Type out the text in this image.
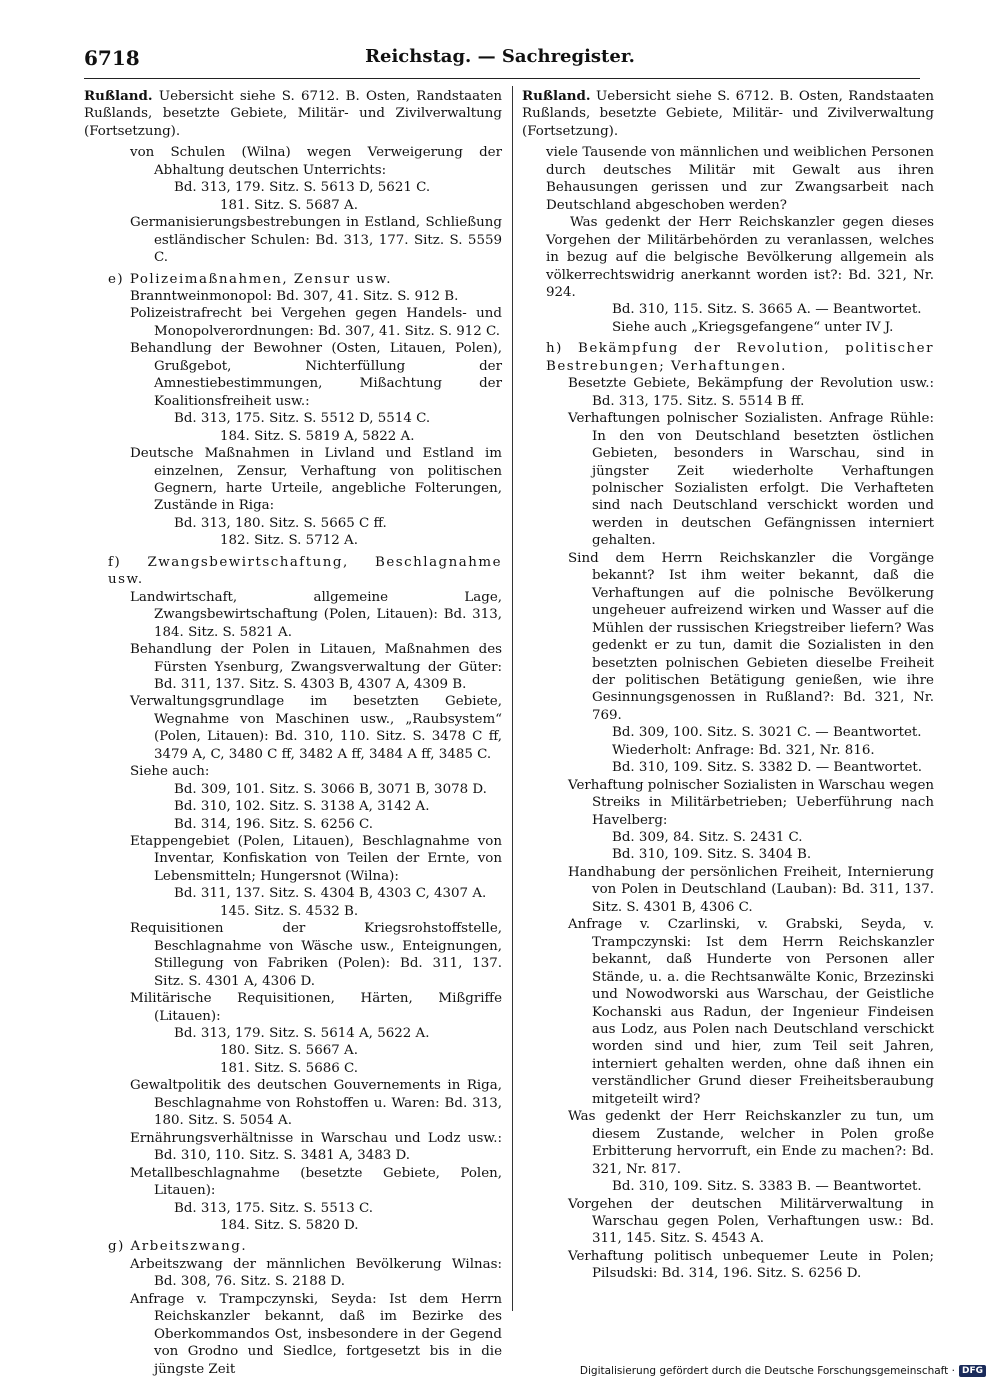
6718	Reichstag. — Sachregister.

Rußland. Uebersicht siehe S. 6712. B. Osten, Randstaaten Rußlands, besetzte Gebiete, Militär- und Zivilverwaltung (Fortsetzung).

von Schulen (Wilna) wegen Verweigerung der Abhaltung deutschen Unterrichts:

Bd. 313, 179. Sitz. S. 5613 D, 5621 C.

181. Sitz. S. 5687 A.

Germanisierungsbestrebungen in Estland, Schließung estländischer Schulen: Bd. 313, 177. Sitz. S. 5559 C.

e) Polizeimaßnahmen, Zensur usw.

Branntweinmonopol: Bd. 307, 41. Sitz. S. 912 B.

Polizeistrafrecht bei Vergehen gegen Handels- und Monopolverordnungen: Bd. 307, 41. Sitz. S. 912 C.

Behandlung der Bewohner (Osten, Litauen, Polen), Grußgebot, Nichterfüllung der Amnestiebestimmungen, Mißachtung der Koalitionsfreiheit usw.:

Bd. 313, 175. Sitz. S. 5512 D, 5514 C.

184. Sitz. S. 5819 A, 5822 A.

Deutsche Maßnahmen in Livland und Estland im einzelnen, Zensur, Verhaftung von politischen Gegnern, harte Urteile, angebliche Folterungen, Zustände in Riga:

Bd. 313, 180. Sitz. S. 5665 C ff.

182. Sitz. S. 5712 A.

f) Zwangsbewirtschaftung, Beschlagnahme usw.

Landwirtschaft, allgemeine Lage, Zwangsbewirtschaftung (Polen, Litauen): Bd. 313, 184. Sitz. S. 5821 A.

Behandlung der Polen in Litauen, Maßnahmen des Fürsten Ysenburg, Zwangsverwaltung der Güter: Bd. 311, 137. Sitz. S. 4303 B, 4307 A, 4309 B.

Verwaltungsgrundlage im besetzten Gebiete, Wegnahme von Maschinen usw., „Raubsystem“ (Polen, Litauen): Bd. 310, 110. Sitz. S. 3478 C ff, 3479 A, C, 3480 C ff, 3482 A ff, 3484 A ff, 3485 C.

Siehe auch:

Bd. 309, 101. Sitz. S. 3066 B, 3071 B, 3078 D.

Bd. 310, 102. Sitz. S. 3138 A, 3142 A.

Bd. 314, 196. Sitz. S. 6256 C.

Etappengebiet (Polen, Litauen), Beschlagnahme von Inventar, Konfiskation von Teilen der Ernte, von Lebensmitteln; Hungersnot (Wilna):

Bd. 311, 137. Sitz. S. 4304 B, 4303 C, 4307 A.

145. Sitz. S. 4532 B.

Requisitionen der Kriegsrohstoffstelle, Beschlagnahme von Wäsche usw., Enteignungen, Stillegung von Fabriken (Polen): Bd. 311, 137. Sitz. S. 4301 A, 4306 D.

Militärische Requisitionen, Härten, Mißgriffe (Litauen):

Bd. 313, 179. Sitz. S. 5614 A, 5622 A.

180. Sitz. S. 5667 A.

181. Sitz. S. 5686 C.

Gewaltpolitik des deutschen Gouvernements in Riga, Beschlagnahme von Rohstoffen u. Waren: Bd. 313, 180. Sitz. S. 5054 A.

Ernährungsverhältnisse in Warschau und Lodz usw.: Bd. 310, 110. Sitz. S. 3481 A, 3483 D.

Metallbeschlagnahme (besetzte Gebiete, Polen, Litauen):

Bd. 313, 175. Sitz. S. 5513 C.

184. Sitz. S. 5820 D.

g) Arbeitszwang.

Arbeitszwang der männlichen Bevölkerung Wilnas: Bd. 308, 76. Sitz. S. 2188 D.

Anfrage v. Trampczynski, Seyda: Ist dem Herrn Reichskanzler bekannt, daß im Bezirke des Oberkommandos Ost, insbesondere in der Gegend von Grodno und Siedlce, fortgesetzt bis in die jüngste Zeit

Rußland. Uebersicht siehe S. 6712. B. Osten, Randstaaten Rußlands, besetzte Gebiete, Militär- und Zivilverwaltung (Fortsetzung).

viele Tausende von männlichen und weiblichen Personen durch deutsches Militär mit Gewalt aus ihren Behausungen gerissen und zur Zwangsarbeit nach Deutschland abgeschoben werden?

Was gedenkt der Herr Reichskanzler gegen dieses Vorgehen der Militärbehörden zu veranlassen, welches in bezug auf die belgische Bevölkerung allgemein als völkerrechtswidrig anerkannt worden ist?: Bd. 321, Nr. 924.

Bd. 310, 115. Sitz. S. 3665 A. — Beantwortet.

Siehe auch „Kriegsgefangene“ unter IV J.

h) Bekämpfung der Revolution, politischer Bestrebungen; Verhaftungen.

Besetzte Gebiete, Bekämpfung der Revolution usw.: Bd. 313, 175. Sitz. S. 5514 B ff.

Verhaftungen polnischer Sozialisten. Anfrage Rühle: In den von Deutschland besetzten östlichen Gebieten, besonders in Warschau, sind in jüngster Zeit wiederholte Verhaftungen polnischer Sozialisten erfolgt. Die Verhafteten sind nach Deutschland verschickt worden und werden in deutschen Gefängnissen interniert gehalten.

Sind dem Herrn Reichskanzler die Vorgänge bekannt? Ist ihm weiter bekannt, daß die Verhaftungen auf die polnische Bevölkerung ungeheuer aufreizend wirken und Wasser auf die Mühlen der russischen Kriegstreiber liefern? Was gedenkt er zu tun, damit die Sozialisten in den besetzten polnischen Gebieten dieselbe Freiheit der politischen Betätigung genießen, wie ihre Gesinnungsgenossen in Rußland?: Bd. 321, Nr. 769.

Bd. 309, 100. Sitz. S. 3021 C. — Beantwortet.

Wiederholt: Anfrage: Bd. 321, Nr. 816.

Bd. 310, 109. Sitz. S. 3382 D. — Beantwortet.

Verhaftung polnischer Sozialisten in Warschau wegen Streiks in Militärbetrieben; Ueberführung nach Havelberg:

Bd. 309, 84. Sitz. S. 2431 C.

Bd. 310, 109. Sitz. S. 3404 B.

Handhabung der persönlichen Freiheit, Internierung von Polen in Deutschland (Lauban): Bd. 311, 137. Sitz. S. 4301 B, 4306 C.

Anfrage v. Czarlinski, v. Grabski, Seyda, v. Trampczynski: Ist dem Herrn Reichskanzler bekannt, daß Hunderte von Personen aller Stände, u. a. die Rechtsanwälte Konic, Brzezinski und Nowodworski aus Warschau, der Geistliche Kochanski aus Radun, der Ingenieur Findeisen aus Lodz, aus Polen nach Deutschland verschickt worden sind und hier, zum Teil seit Jahren, interniert gehalten werden, ohne daß ihnen ein verständlicher Grund dieser Freiheitsberaubung mitgeteilt wird?

Was gedenkt der Herr Reichskanzler zu tun, um diesem Zustande, welcher in Polen große Erbitterung hervorruft, ein Ende zu machen?: Bd. 321, Nr. 817.

Bd. 310, 109. Sitz. S. 3383 B. — Beantwortet.

Vorgehen der deutschen Militärverwaltung in Warschau gegen Polen, Verhaftungen usw.: Bd. 311, 145. Sitz. S. 4543 A.

Verhaftung politisch unbequemer Leute in Polen; Pilsudski: Bd. 314, 196. Sitz. S. 6256 D.

Digitalisierung gefördert durch die Deutsche Forschungsgemeinschaft · DFG
